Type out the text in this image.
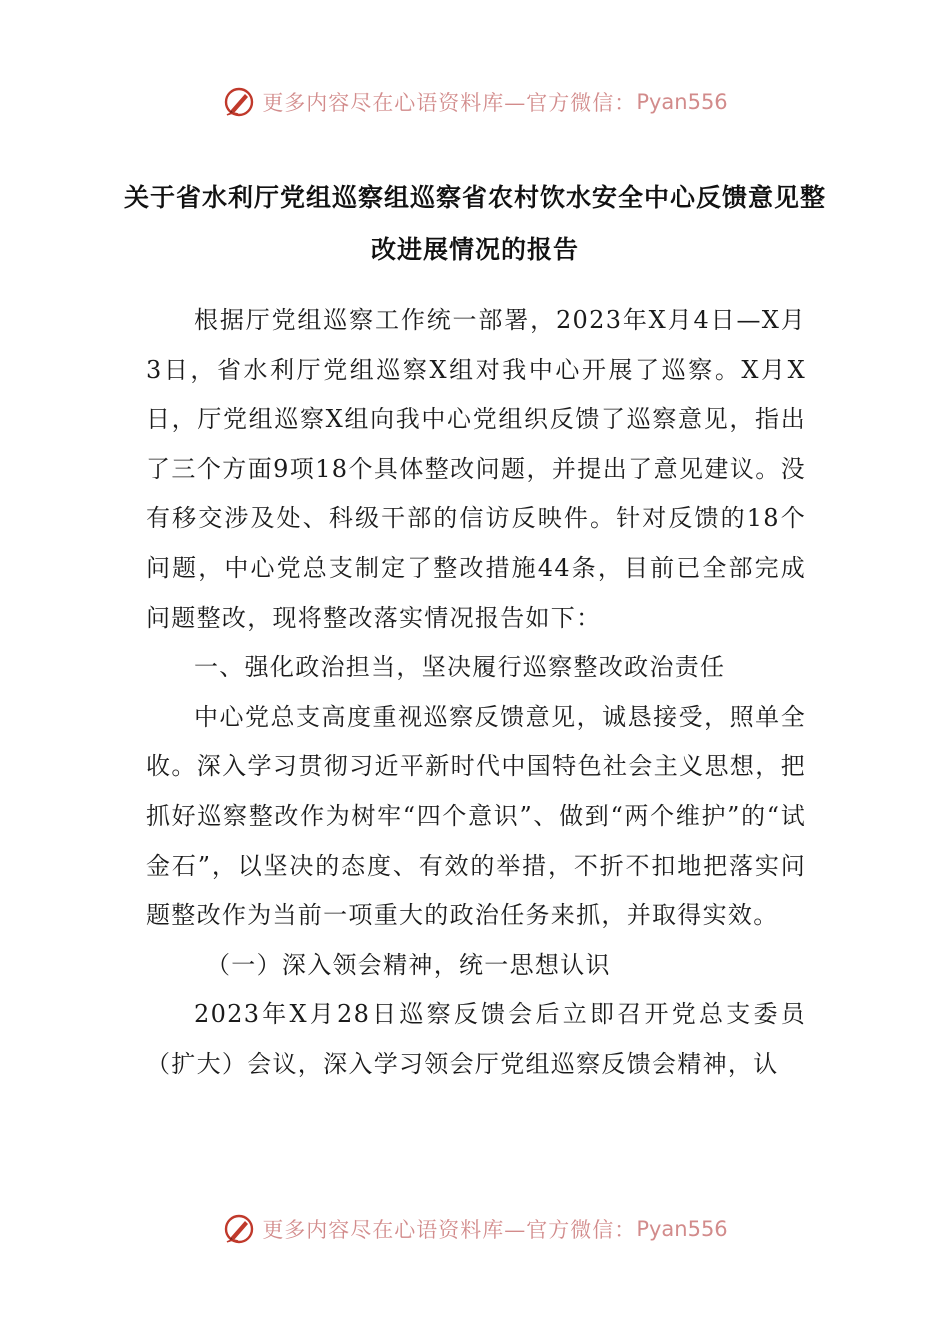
更多内容尽在心语资料库—官方微信： Pyan556
关于省水利厅党组巡察组巡察省农村饮水安全中心反馈意见整改进展情况的报告

根据厅党组巡察工作统一部署，2023年X月4日—X月3日，省水利厅党组巡察X组对我中心开展了巡察。X月X日，厅党组巡察X组向我中心党组织反馈了巡察意见，指出了三个方面9项18个具体整改问题，并提出了意见建议。没有移交涉及处、科级干部的信访反映件。针对反馈的18个问题，中心党总支制定了整改措施44条，目前已全部完成问题整改，现将整改落实情况报告如下：

一、强化政治担当，坚决履行巡察整改政治责任

中心党总支高度重视巡察反馈意见，诚恳接受，照单全收。深入学习贯彻习近平新时代中国特色社会主义思想，把抓好巡察整改作为树牢“四个意识”、做到“两个维护”的“试金石”，以坚决的态度、有效的举措，不折不扣地把落实问题整改作为当前一项重大的政治任务来抓，并取得实效。

（一）深入领会精神，统一思想认识

2023年X月28日巡察反馈会后立即召开党总支委员（扩大）会议，深入学习领会厅党组巡察反馈会精神，认

更多内容尽在心语资料库—官方微信： Pyan556
